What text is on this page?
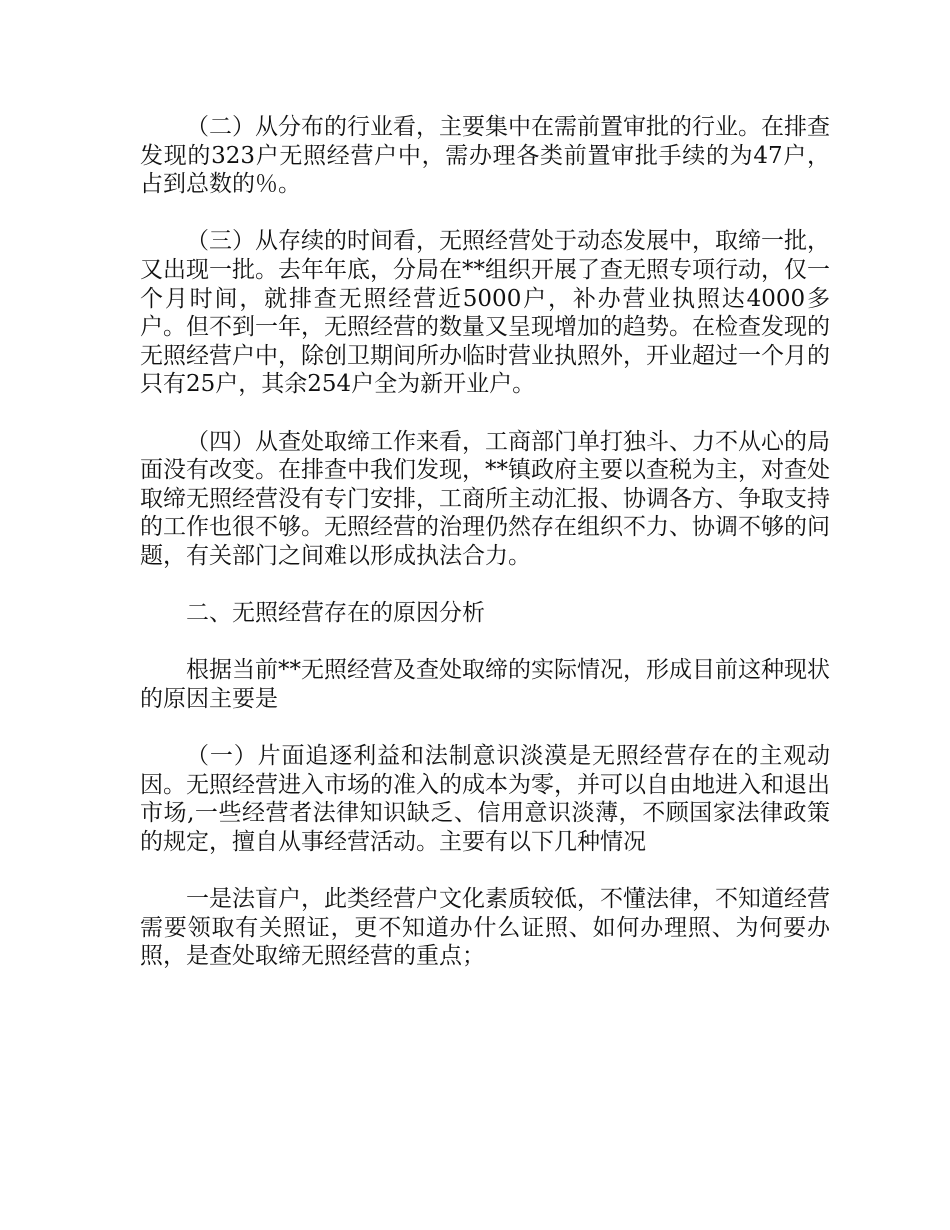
（二）从分布的行业看，主要集中在需前置审批的行业。在排查发现的323户无照经营户中，需办理各类前置审批手续的为47户，占到总数的％。

（三）从存续的时间看，无照经营处于动态发展中，取缔一批，又出现一批。去年年底，分局在**组织开展了查无照专项行动，仅一个月时间，就排查无照经营近5000户，补办营业执照达4000多户。但不到一年，无照经营的数量又呈现增加的趋势。在检查发现的无照经营户中，除创卫期间所办临时营业执照外，开业超过一个月的只有25户，其余254户全为新开业户。

（四）从查处取缔工作来看，工商部门单打独斗、力不从心的局面没有改变。在排查中我们发现，**镇政府主要以查税为主，对查处取缔无照经营没有专门安排，工商所主动汇报、协调各方、争取支持的工作也很不够。无照经营的治理仍然存在组织不力、协调不够的问题，有关部门之间难以形成执法合力。

二、无照经营存在的原因分析

根据当前**无照经营及查处取缔的实际情况，形成目前这种现状的原因主要是

（一）片面追逐利益和法制意识淡漠是无照经营存在的主观动因。无照经营进入市场的准入的成本为零，并可以自由地进入和退出市场,一些经营者法律知识缺乏、信用意识淡薄，不顾国家法律政策的规定，擅自从事经营活动。主要有以下几种情况

一是法盲户，此类经营户文化素质较低，不懂法律，不知道经营需要领取有关照证，更不知道办什么证照、如何办理照、为何要办照，是查处取缔无照经营的重点；
